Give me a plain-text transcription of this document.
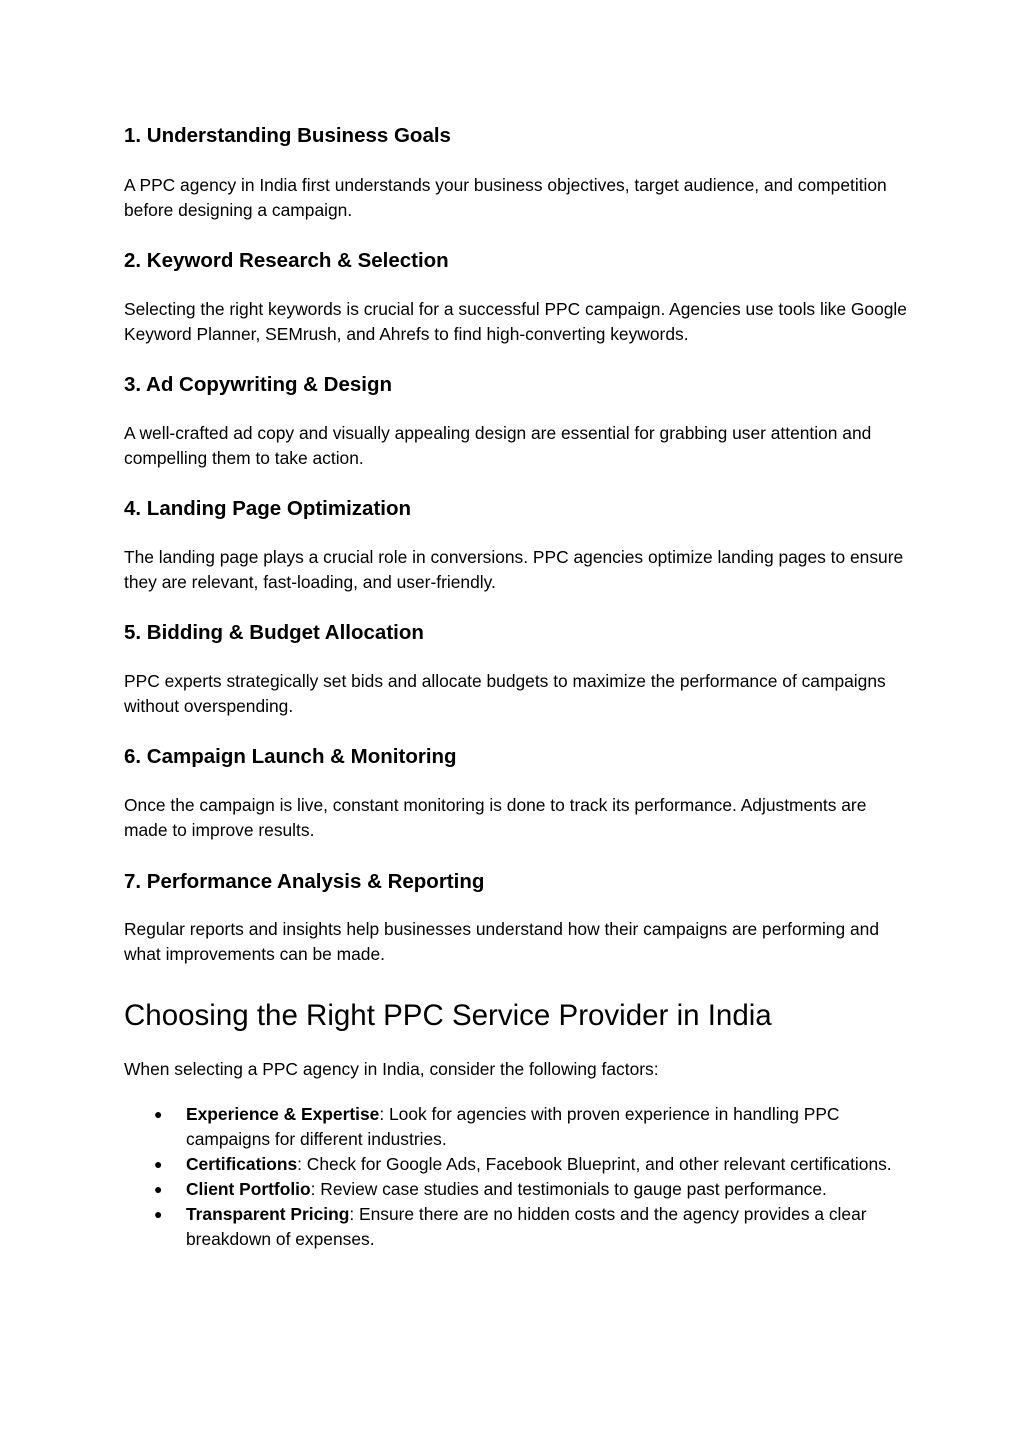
1. Understanding Business Goals

A PPC agency in India first understands your business objectives, target audience, and competition before designing a campaign.

2. Keyword Research & Selection

Selecting the right keywords is crucial for a successful PPC campaign. Agencies use tools like Google Keyword Planner, SEMrush, and Ahrefs to find high-converting keywords.

3. Ad Copywriting & Design

A well-crafted ad copy and visually appealing design are essential for grabbing user attention and compelling them to take action.

4. Landing Page Optimization

The landing page plays a crucial role in conversions. PPC agencies optimize landing pages to ensure they are relevant, fast-loading, and user-friendly.

5. Bidding & Budget Allocation

PPC experts strategically set bids and allocate budgets to maximize the performance of campaigns without overspending.

6. Campaign Launch & Monitoring

Once the campaign is live, constant monitoring is done to track its performance. Adjustments are made to improve results.

7. Performance Analysis & Reporting

Regular reports and insights help businesses understand how their campaigns are performing and what improvements can be made.

Choosing the Right PPC Service Provider in India

When selecting a PPC agency in India, consider the following factors:

● Experience & Expertise: Look for agencies with proven experience in handling PPC campaigns for different industries.
● Certifications: Check for Google Ads, Facebook Blueprint, and other relevant certifications.
● Client Portfolio: Review case studies and testimonials to gauge past performance.
● Transparent Pricing: Ensure there are no hidden costs and the agency provides a clear breakdown of expenses.
